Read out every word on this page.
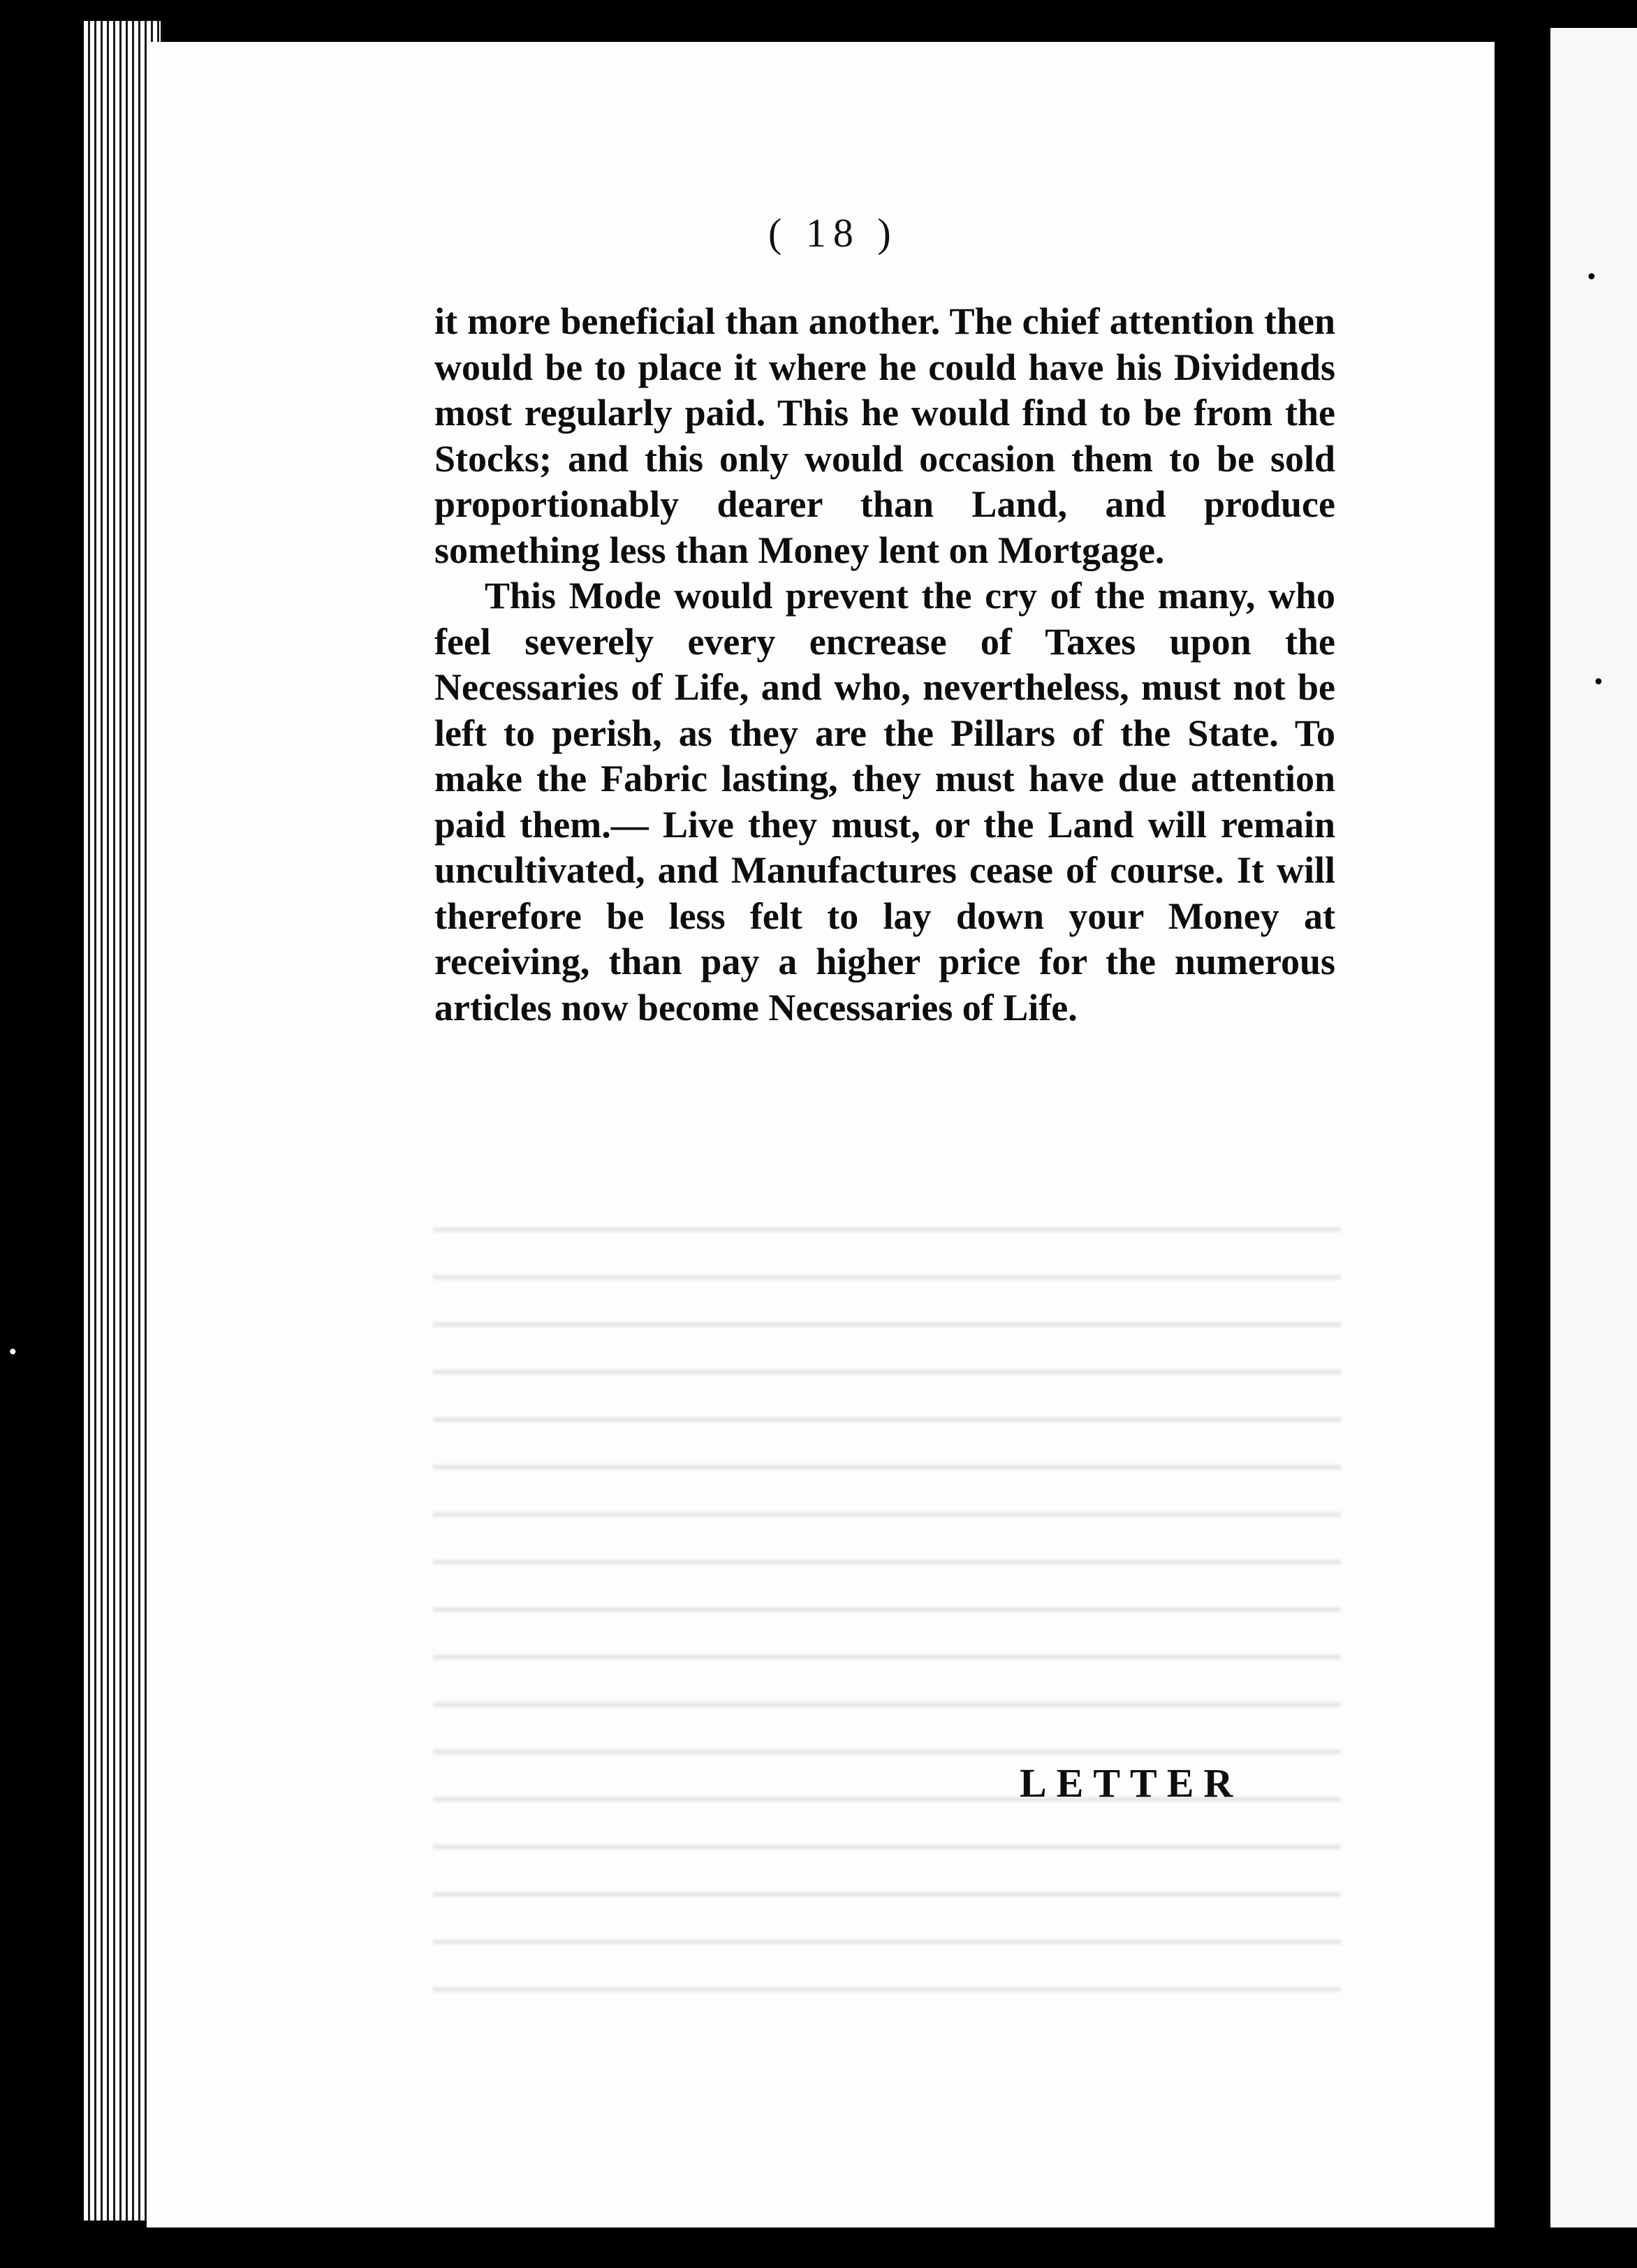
( 18 )

it more beneficial than another. The chief attention then would be to place it where he could have his Dividends most regularly paid. This he would find to be from the Stocks; and this only would occasion them to be sold proportionably dearer than Land, and produce something less than Money lent on Mortgage.

This Mode would prevent the cry of the many, who feel severely every encrease of Taxes upon the Necessaries of Life, and who, nevertheless, must not be left to perish, as they are the Pillars of the State. To make the Fabric lasting, they must have due attention paid them.— Live they must, or the Land will remain uncultivated, and Manufactures cease of course. It will therefore be less felt to lay down your Money at receiving, than pay a higher price for the numerous articles now become Necessaries of Life.

LETTER
•
•
•
